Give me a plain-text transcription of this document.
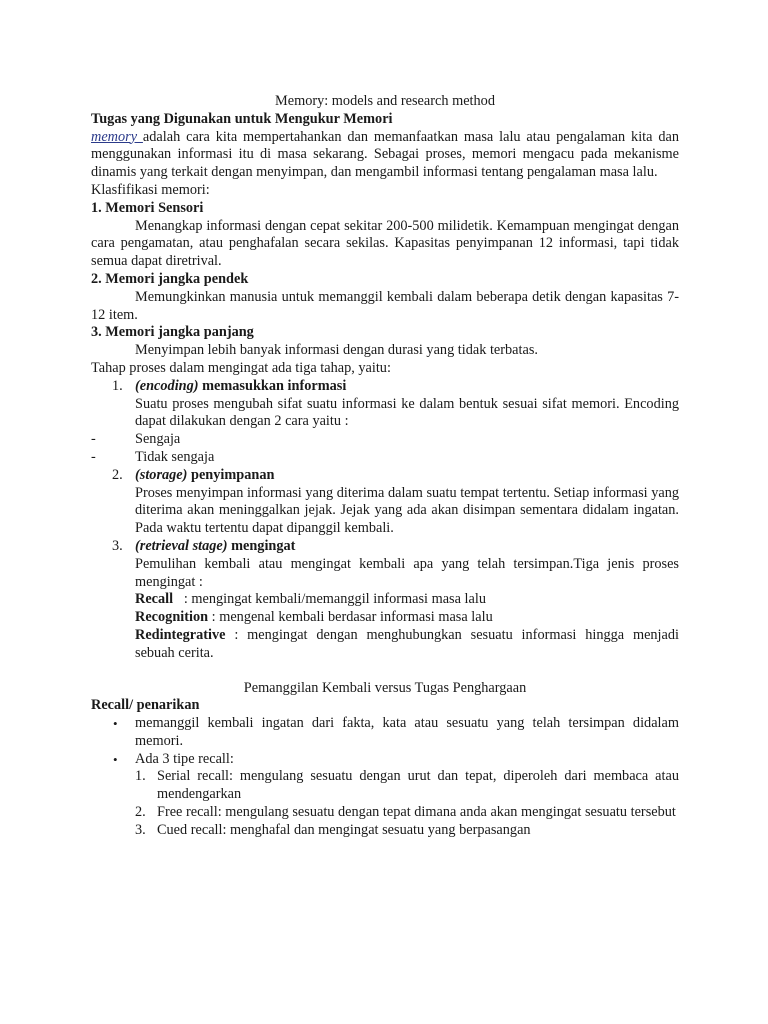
Memory: models and research method
Tugas yang Digunakan untuk Mengukur Memori
memory adalah cara kita mempertahankan dan memanfaatkan masa lalu atau pengalaman kita dan menggunakan informasi itu di masa sekarang. Sebagai proses, memori mengacu pada mekanisme dinamis yang terkait dengan menyimpan, dan mengambil informasi tentang pengalaman masa lalu.
Klasfifikasi memori:
1. Memori Sensori
Menangkap informasi dengan cepat sekitar 200-500 milidetik. Kemampuan mengingat dengan cara pengamatan, atau penghafalan secara sekilas. Kapasitas penyimpanan 12 informasi, tapi tidak semua dapat diretrival.
2. Memori jangka pendek
Memungkinkan manusia untuk memanggil kembali dalam beberapa detik dengan kapasitas 7-12 item.
3. Memori jangka panjang
Menyimpan lebih banyak informasi dengan durasi yang tidak terbatas.
Tahap proses dalam mengingat ada tiga tahap, yaitu:
1. (encoding) memasukkan informasi
Suatu proses mengubah sifat suatu informasi ke dalam bentuk sesuai sifat memori. Encoding dapat dilakukan dengan 2 cara yaitu :
-	Sengaja
-	Tidak sengaja
2. (storage) penyimpanan
Proses menyimpan informasi yang diterima dalam suatu tempat tertentu. Setiap informasi yang diterima akan meninggalkan jejak. Jejak yang ada akan disimpan sementara didalam ingatan. Pada waktu tertentu dapat dipanggil kembali.
3. (retrieval stage) mengingat
Pemulihan kembali atau mengingat kembali apa yang telah tersimpan.Tiga jenis proses mengingat :
Recall   : mengingat kembali/memanggil informasi masa lalu
Recognition : mengenal kembali berdasar informasi masa lalu
Redintegrative : mengingat dengan menghubungkan sesuatu informasi hingga menjadi sebuah cerita.
Pemanggilan Kembali versus Tugas Penghargaan
Recall/ penarikan
•	memanggil kembali ingatan dari fakta, kata atau sesuatu yang telah tersimpan didalam memori.
•	Ada 3 tipe recall:
1. Serial recall: mengulang sesuatu dengan urut dan tepat, diperoleh dari membaca atau mendengarkan
2. Free recall: mengulang sesuatu dengan tepat dimana anda akan mengingat sesuatu tersebut
3. Cued recall: menghafal dan mengingat sesuatu yang berpasangan
